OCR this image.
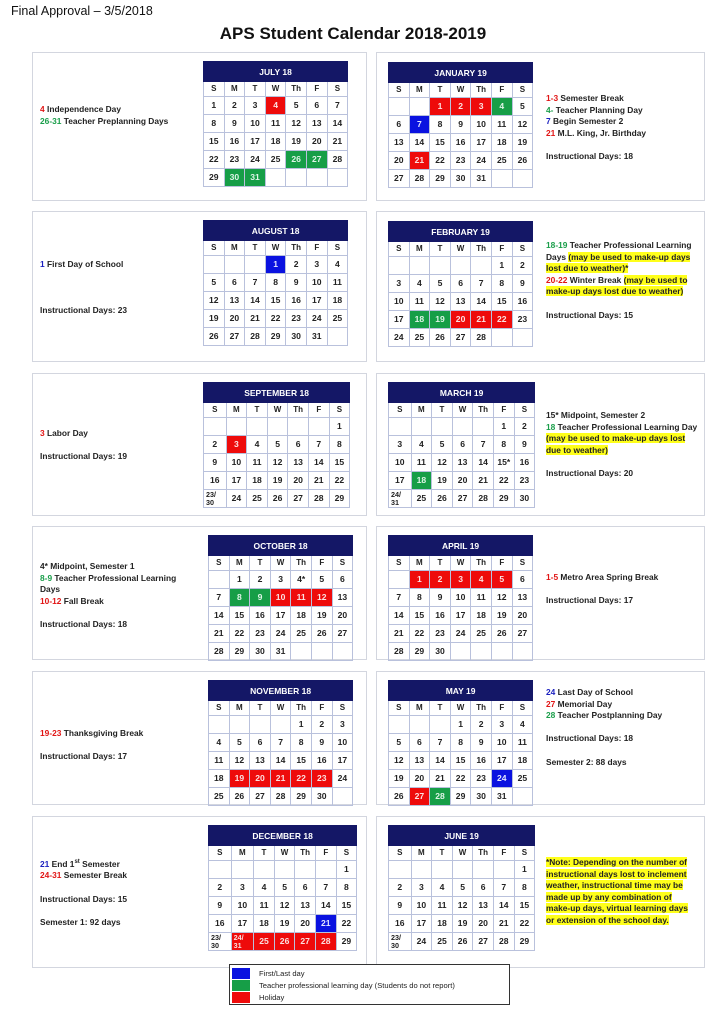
Final Approval – 3/5/2018
APS Student Calendar 2018-2019
JULY 18						
S	M	T	W	Th	F	S
1	2	3	4	5	6	7
8	9	10	11	12	13	14
15	16	17	18	19	20	21
22	23	24	25	26	27	28
29	30	31				
4 Independence Day
26-31 Teacher Preplanning Days
JANUARY 19						
S	M	T	W	Th	F	S
		1	2	3	4	5
6	7	8	9	10	11	12
13	14	15	16	17	18	19
20	21	22	23	24	25	26
27	28	29	30	31		
1-3 Semester Break
4- Teacher Planning Day
7 Begin Semester 2
21 M.L. King, Jr. Birthday
Instructional Days: 18
AUGUST 18						
S	M	T	W	Th	F	S
			1	2	3	4
5	6	7	8	9	10	11
12	13	14	15	16	17	18
19	20	21	22	23	24	25
26	27	28	29	30	31	
1 First Day of School
Instructional Days: 23
FEBRUARY 19						
S	M	T	W	Th	F	S
					1	2
3	4	5	6	7	8	9
10	11	12	13	14	15	16
17	18	19	20	21	22	23
24	25	26	27	28		
18-19 Teacher Professional Learning Days (may be used to make-up days lost due to weather)*
20-22 Winter Break (may be used to make-up days lost due to weather)
Instructional Days: 15
SEPTEMBER 18						
S	M	T	W	Th	F	S
						1
2	3	4	5	6	7	8
9	10	11	12	13	14	15
16	17	18	19	20	21	22
23/
30	24	25	26	27	28	29
3 Labor Day
Instructional Days: 19
MARCH 19						
S	M	T	W	Th	F	S
					1	2
3	4	5	6	7	8	9
10	11	12	13	14	15*	16
17	18	19	20	21	22	23
24/
31	25	26	27	28	29	30
15* Midpoint, Semester 2
18 Teacher Professional Learning Day
(may be used to make-up days lost due to weather)
Instructional Days: 20
OCTOBER 18						
S	M	T	W	Th	F	S
	1	2	3	4*	5	6
7	8	9	10	11	12	13
14	15	16	17	18	19	20
21	22	23	24	25	26	27
28	29	30	31			
4* Midpoint, Semester 1
8-9 Teacher Professional Learning Days
10-12 Fall Break
Instructional Days: 18
APRIL 19						
S	M	T	W	Th	F	S
	1	2	3	4	5	6
7	8	9	10	11	12	13
14	15	16	17	18	19	20
21	22	23	24	25	26	27
28	29	30				
1-5 Metro Area Spring Break
Instructional Days: 17
NOVEMBER 18						
S	M	T	W	Th	F	S
				1	2	3
4	5	6	7	8	9	10
11	12	13	14	15	16	17
18	19	20	21	22	23	24
25	26	27	28	29	30	
19-23 Thanksgiving Break
Instructional Days: 17
MAY 19						
S	M	T	W	Th	F	S
			1	2	3	4
5	6	7	8	9	10	11
12	13	14	15	16	17	18
19	20	21	22	23	24	25
26	27	28	29	30	31	
24 Last Day of School
27 Memorial Day
28 Teacher Postplanning Day
Instructional Days: 18
Semester 2: 88 days
DECEMBER 18						
S	M	T	W	Th	F	S
						1
2	3	4	5	6	7	8
9	10	11	12	13	14	15
16	17	18	19	20	21	22
23/
30	24/
31	25	26	27	28	29
21 End 1st Semester
24-31 Semester Break
Instructional Days: 15
Semester 1: 92 days
JUNE 19						
S	M	T	W	Th	F	S
						1
2	3	4	5	6	7	8
9	10	11	12	13	14	15
16	17	18	19	20	21	22
23/
30	24	25	26	27	28	29
*Note: Depending on the number of instructional days lost to inclement weather, instructional time may be made up by any combination of make-up days, virtual learning days or extension of the school day.
First/Last day
Teacher professional learning day (Students do not report)
Holiday
